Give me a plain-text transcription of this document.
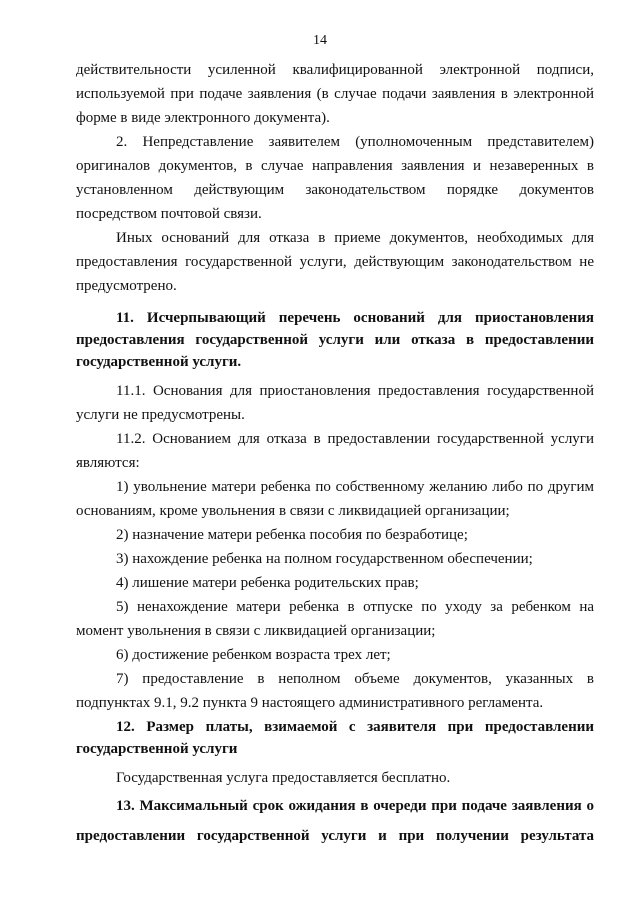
14
действительности усиленной квалифицированной электронной подписи,
используемой при подаче заявления (в случае подачи заявления в электронной
форме в виде электронного документа).
2. Непредставление заявителем (уполномоченным представителем)
оригиналов документов, в случае направления заявления и незаверенных в
установленном действующим законодательством порядке документов
посредством почтовой связи.
Иных оснований для отказа в приеме документов, необходимых для
предоставления государственной услуги, действующим законодательством не
предусмотрено.
11. Исчерпывающий перечень оснований для приостановления
предоставления государственной услуги или отказа в предоставлении
государственной услуги.
11.1. Основания для приостановления предоставления государственной
услуги не предусмотрены.
11.2. Основанием для отказа в предоставлении государственной услуги
являются:
1) увольнение матери ребенка по собственному желанию либо по другим
основаниям, кроме увольнения в связи с ликвидацией организации;
2) назначение матери ребенка пособия по безработице;
3) нахождение ребенка на полном государственном обеспечении;
4) лишение матери ребенка родительских прав;
5) ненахождение матери ребенка в отпуске по уходу за ребенком на
момент увольнения в связи с ликвидацией организации;
6) достижение ребенком возраста трех лет;
7) предоставление в неполном объеме документов, указанных в
подпунктах 9.1, 9.2 пункта 9 настоящего административного регламента.
12. Размер платы, взимаемой с заявителя при предоставлении
государственной услуги
Государственная услуга предоставляется бесплатно.
13. Максимальный срок ожидания в очереди при подаче заявления о
предоставлении государственной услуги и при получении результата
